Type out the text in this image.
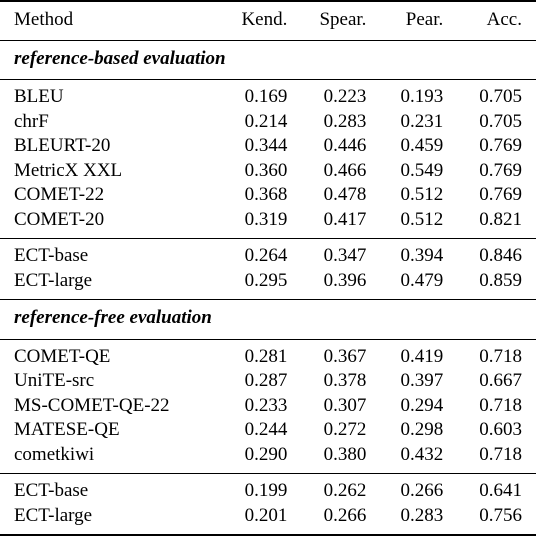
Method	Kend.	Spear.	Pear.	Acc.
reference-based evaluation				
BLEU	0.169	0.223	0.193	0.705
chrF	0.214	0.283	0.231	0.705
BLEURT-20	0.344	0.446	0.459	0.769
MetricX XXL	0.360	0.466	0.549	0.769
COMET-22	0.368	0.478	0.512	0.769
COMET-20	0.319	0.417	0.512	0.821
ECT-base	0.264	0.347	0.394	0.846
ECT-large	0.295	0.396	0.479	0.859
reference-free evaluation				
COMET-QE	0.281	0.367	0.419	0.718
UniTE-src	0.287	0.378	0.397	0.667
MS-COMET-QE-22	0.233	0.307	0.294	0.718
MATESE-QE	0.244	0.272	0.298	0.603
cometkiwi	0.290	0.380	0.432	0.718
ECT-base	0.199	0.262	0.266	0.641
ECT-large	0.201	0.266	0.283	0.756
